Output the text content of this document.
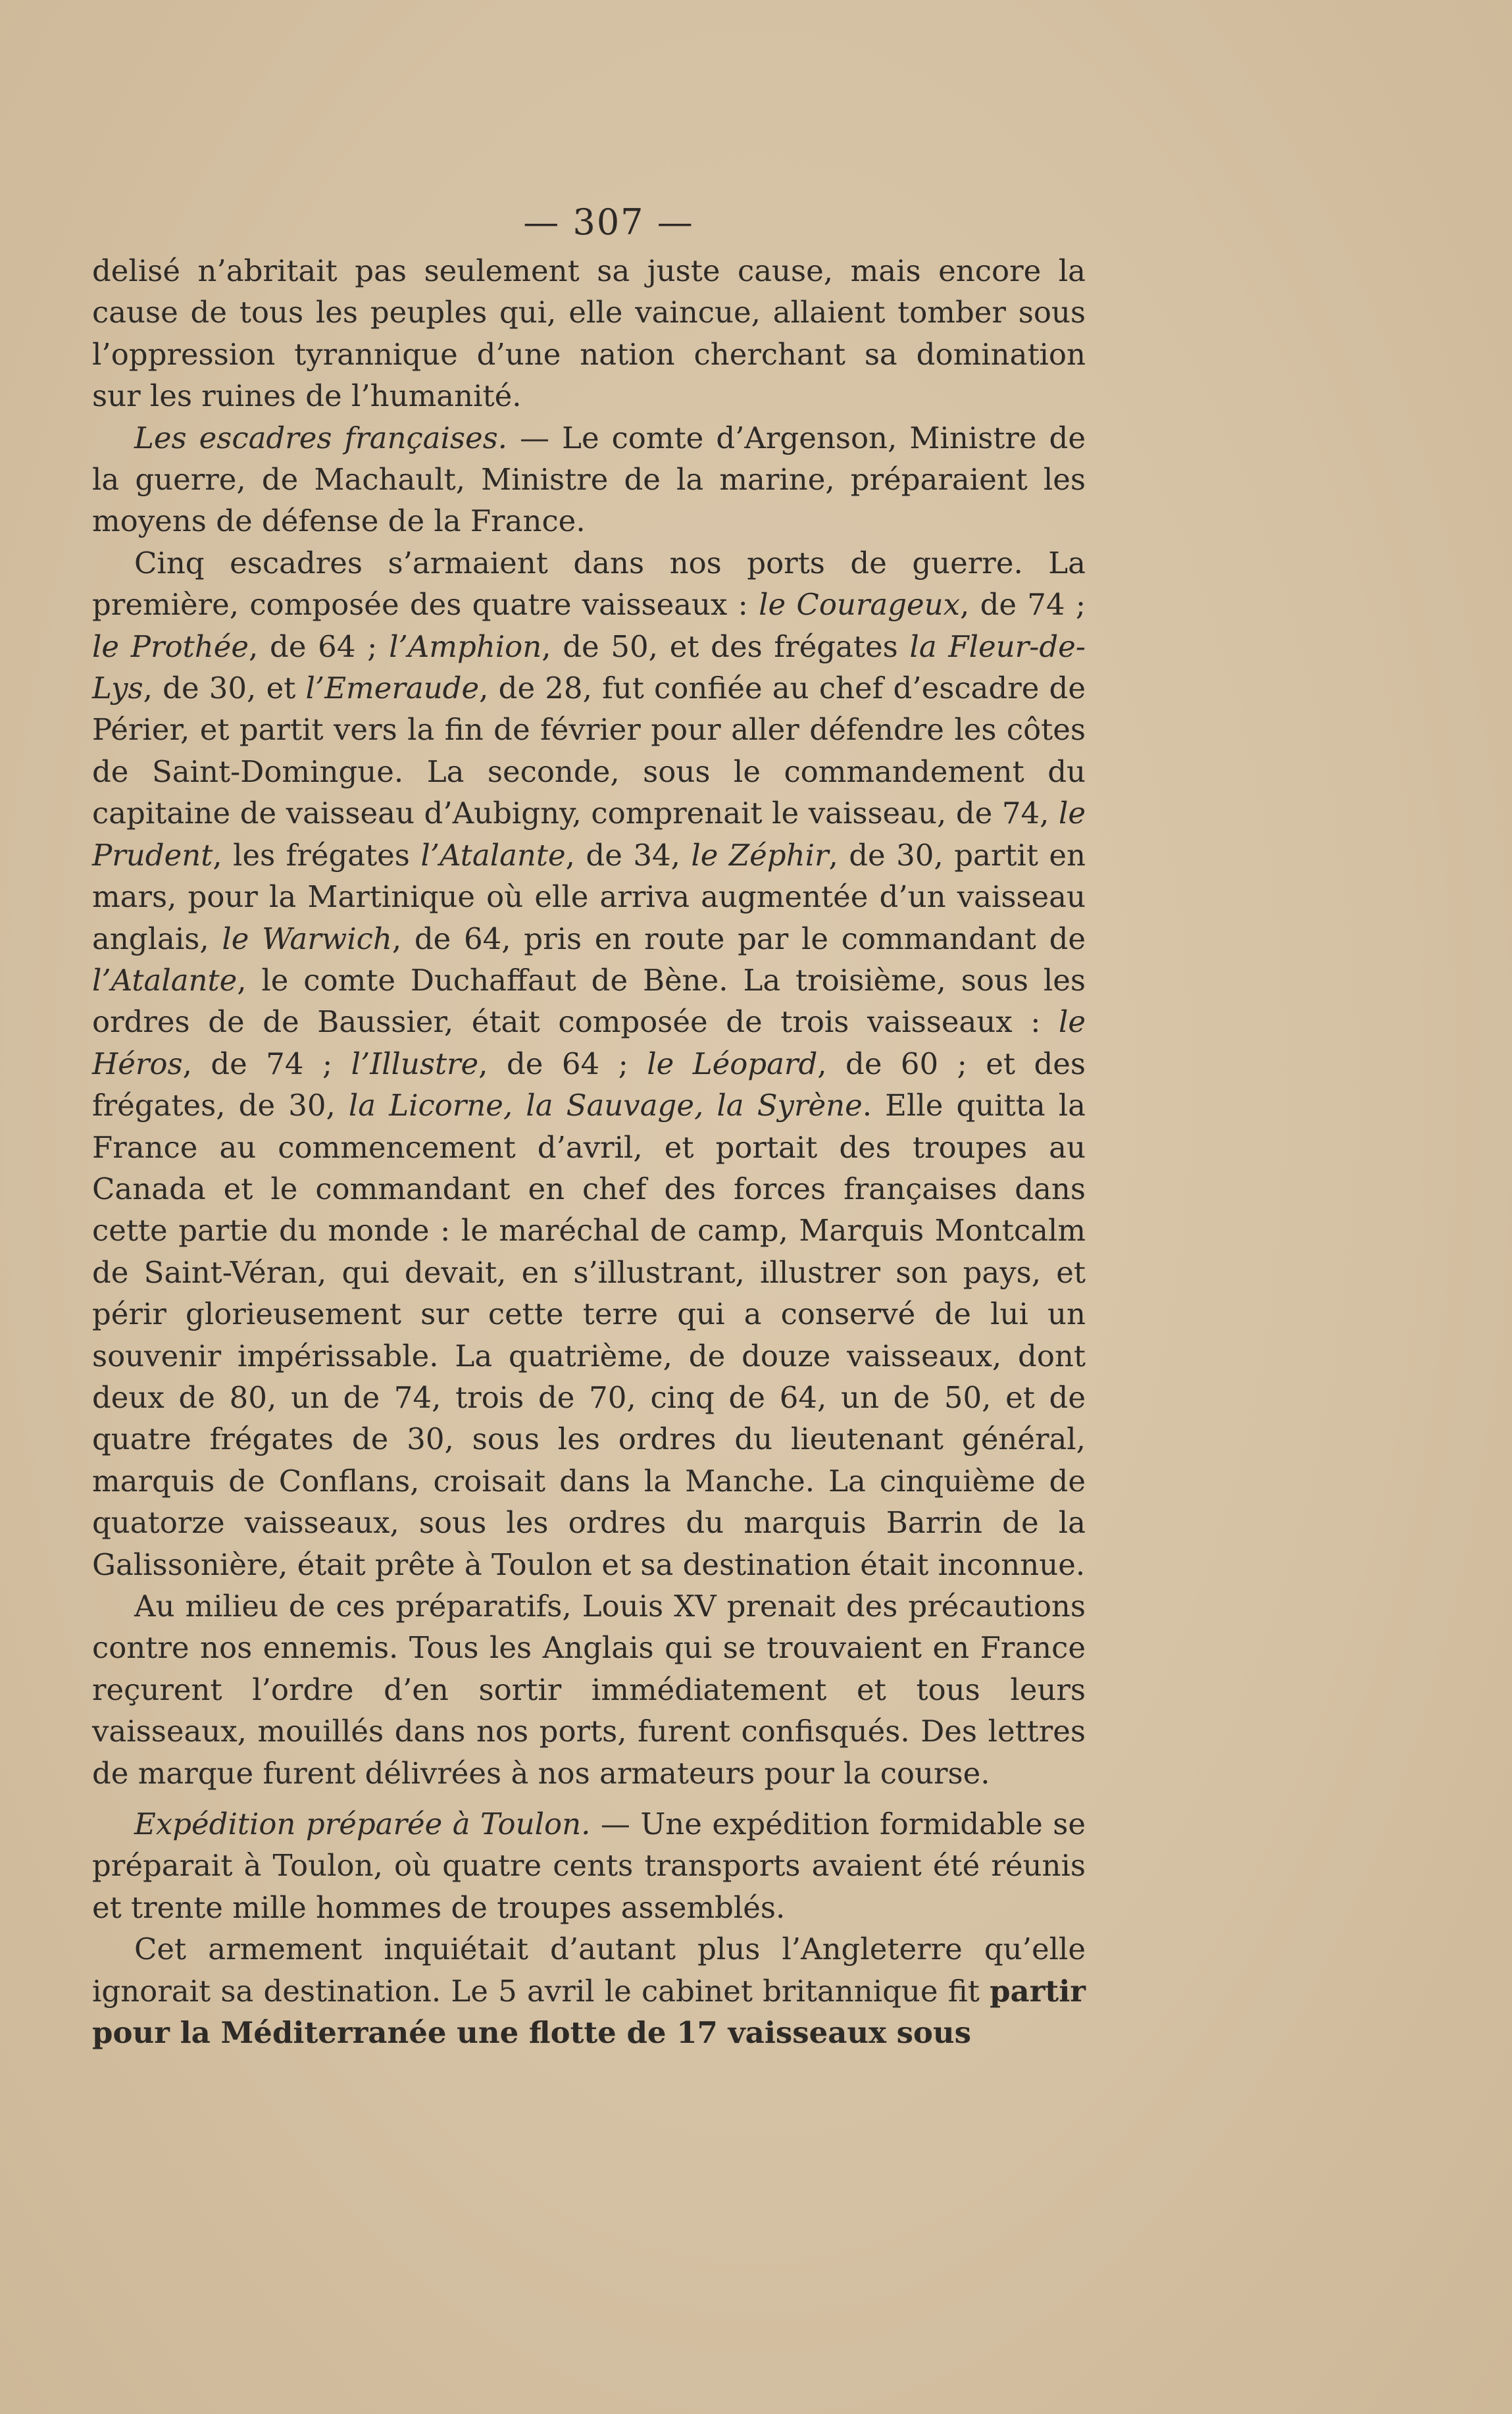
— 307 —

delisé n’abritait pas seulement sa juste cause, mais encore la cause de tous les peuples qui, elle vaincue, allaient tomber sous l’oppression tyrannique d’une nation cherchant sa domination sur les ruines de l’humanité.

Les escadres françaises. — Le comte d’Argenson, Ministre de la guerre, de Machault, Ministre de la marine, préparaient les moyens de défense de la France.

Cinq escadres s’armaient dans nos ports de guerre. La première, composée des quatre vaisseaux : le Courageux, de 74 ; le Prothée, de 64 ; l’Amphion, de 50, et des frégates la Fleur-de-Lys, de 30, et l’Emeraude, de 28, fut confiée au chef d’escadre de Périer, et partit vers la fin de février pour aller défendre les côtes de Saint-Domingue. La seconde, sous le commandement du capitaine de vaisseau d’Aubigny, comprenait le vaisseau, de 74, le Prudent, les frégates l’Atalante, de 34, le Zéphir, de 30, partit en mars, pour la Martinique où elle arriva augmentée d’un vaisseau anglais, le Warwich, de 64, pris en route par le commandant de l’Atalante, le comte Duchaffaut de Bène. La troisième, sous les ordres de de Baussier, était composée de trois vaisseaux : le Héros, de 74 ; l’Illustre, de 64 ; le Léopard, de 60 ; et des frégates, de 30, la Licorne, la Sauvage, la Syrène. Elle quitta la France au commencement d’avril, et portait des troupes au Canada et le commandant en chef des forces françaises dans cette partie du monde : le maréchal de camp, Marquis Montcalm de Saint-Véran, qui devait, en s’illustrant, illustrer son pays, et périr glorieusement sur cette terre qui a conservé de lui un souvenir impérissable. La quatrième, de douze vaisseaux, dont deux de 80, un de 74, trois de 70, cinq de 64, un de 50, et de quatre frégates de 30, sous les ordres du lieutenant général, marquis de Conflans, croisait dans la Manche. La cinquième de quatorze vaisseaux, sous les ordres du marquis Barrin de la Galissonière, était prête à Toulon et sa destination était inconnue.

Au milieu de ces préparatifs, Louis XV prenait des précautions contre nos ennemis. Tous les Anglais qui se trouvaient en France reçurent l’ordre d’en sortir immédiatement et tous leurs vaisseaux, mouillés dans nos ports, furent confisqués. Des lettres de marque furent délivrées à nos armateurs pour la course.

Expédition préparée à Toulon. — Une expédition formidable se préparait à Toulon, où quatre cents transports avaient été réunis et trente mille hommes de troupes assemblés.

Cet armement inquiétait d’autant plus l’Angleterre qu’elle ignorait sa destination. Le 5 avril le cabinet britannique fit partir pour la Méditerranée une flotte de 17 vaisseaux sous
